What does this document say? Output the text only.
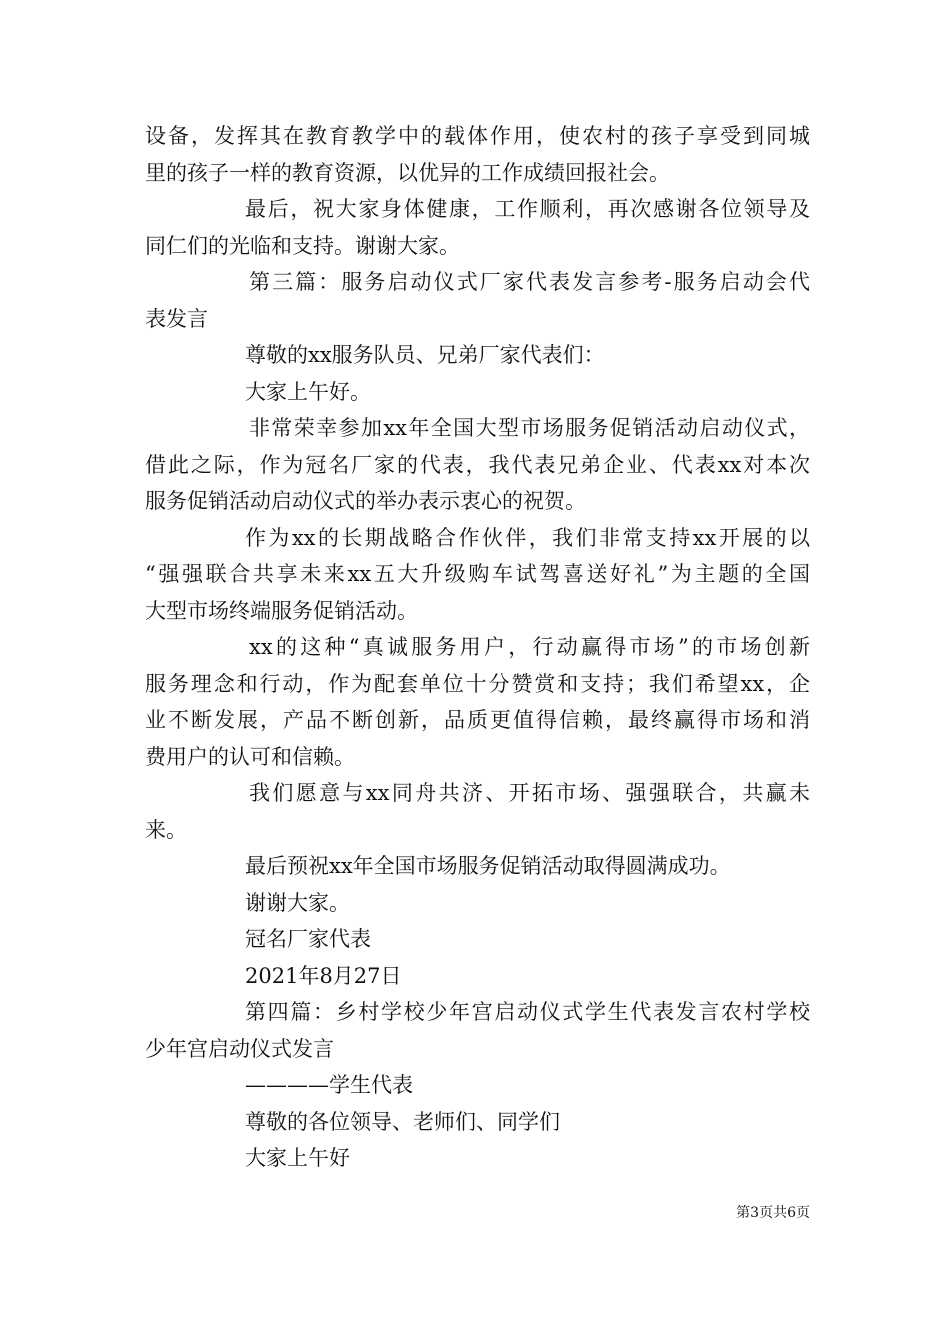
设备，发挥其在教育教学中的载体作用，使农村的孩子享受到同城
里的孩子一样的教育资源，以优异的工作成绩回报社会。
最后，祝大家身体健康，工作顺利，再次感谢各位领导及
同仁们的光临和支持。谢谢大家。
第三篇：服务启动仪式厂家代表发言参考-服务启动会代
表发言
尊敬的xx服务队员、兄弟厂家代表们：
大家上午好。
非常荣幸参加xx年全国大型市场服务促销活动启动仪式，
借此之际，作为冠名厂家的代表，我代表兄弟企业、代表xx对本次
服务促销活动启动仪式的举办表示衷心的祝贺。
作为xx的长期战略合作伙伴，我们非常支持xx开展的以
“强强联合共享未来xx五大升级购车试驾喜送好礼”为主题的全国
大型市场终端服务促销活动。
xx的这种“真诚服务用户，行动赢得市场”的市场创新
服务理念和行动，作为配套单位十分赞赏和支持；我们希望xx，企
业不断发展，产品不断创新，品质更值得信赖，最终赢得市场和消
费用户的认可和信赖。
我们愿意与xx同舟共济、开拓市场、强强联合，共赢未
来。
最后预祝xx年全国市场服务促销活动取得圆满成功。
谢谢大家。
冠名厂家代表
2021年8月27日
第四篇：乡村学校少年宫启动仪式学生代表发言农村学校
少年宫启动仪式发言
————学生代表
尊敬的各位领导、老师们、同学们
大家上午好
第3页共6页
